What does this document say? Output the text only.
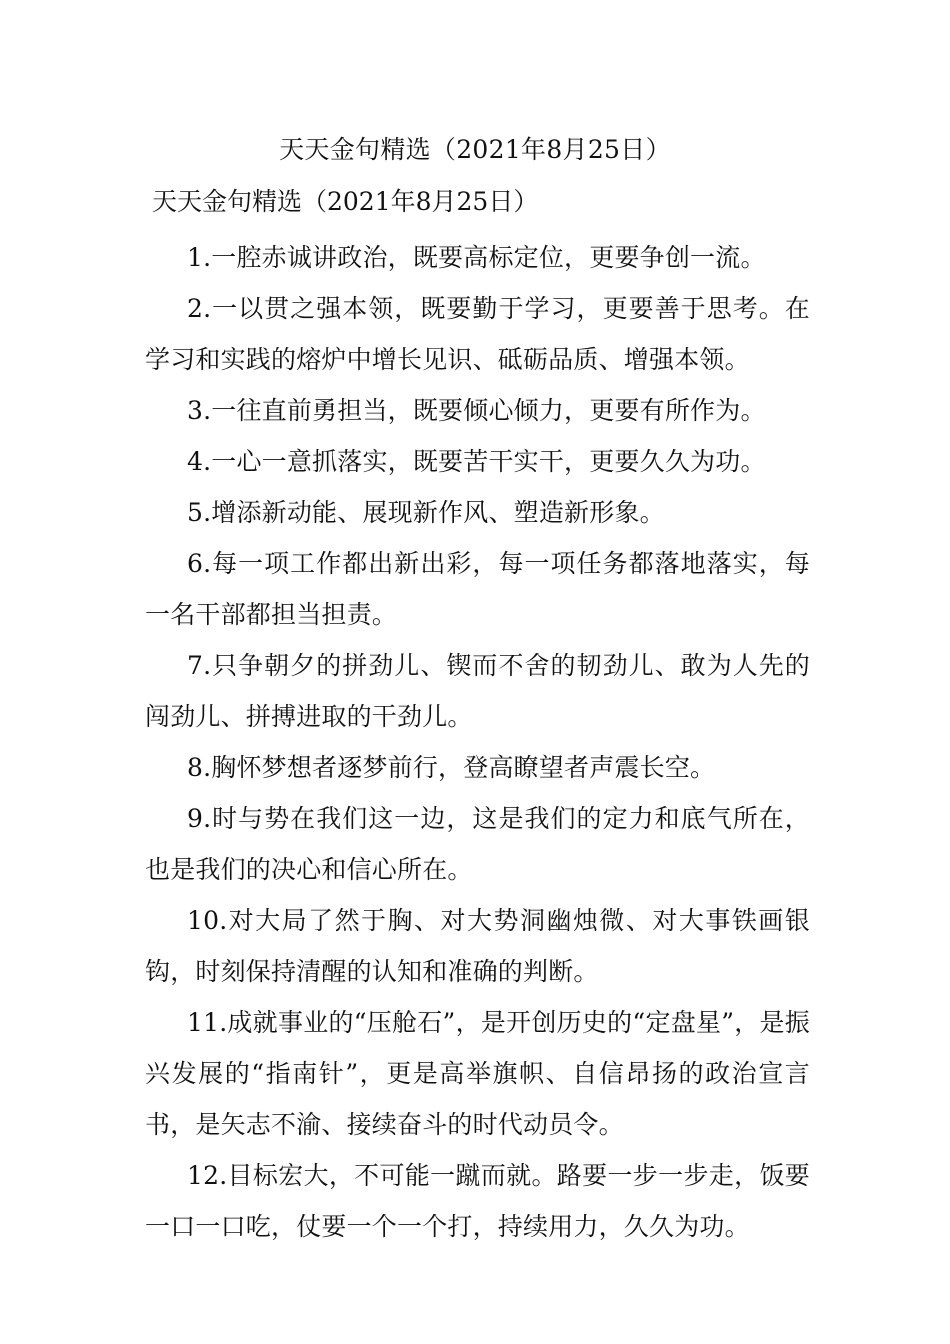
天天金句精选（2021年8月25日）
天天金句精选（2021年8月25日）

1.一腔赤诚讲政治，既要高标定位，更要争创一流。

2.一以贯之强本领，既要勤于学习，更要善于思考。在学习和实践的熔炉中增长见识、砥砺品质、增强本领。

3.一往直前勇担当，既要倾心倾力，更要有所作为。

4.一心一意抓落实，既要苦干实干，更要久久为功。

5.增添新动能、展现新作风、塑造新形象。

6.每一项工作都出新出彩，每一项任务都落地落实，每一名干部都担当担责。

7.只争朝夕的拼劲儿、锲而不舍的韧劲儿、敢为人先的闯劲儿、拼搏进取的干劲儿。

8.胸怀梦想者逐梦前行，登高瞭望者声震长空。

9.时与势在我们这一边，这是我们的定力和底气所在，也是我们的决心和信心所在。

10.对大局了然于胸、对大势洞幽烛微、对大事铁画银钩，时刻保持清醒的认知和准确的判断。

11.成就事业的“压舱石”，是开创历史的“定盘星”，是振兴发展的“指南针”，更是高举旗帜、自信昂扬的政治宣言书，是矢志不渝、接续奋斗的时代动员令。

12.目标宏大，不可能一蹴而就。路要一步一步走，饭要一口一口吃，仗要一个一个打，持续用力，久久为功。
